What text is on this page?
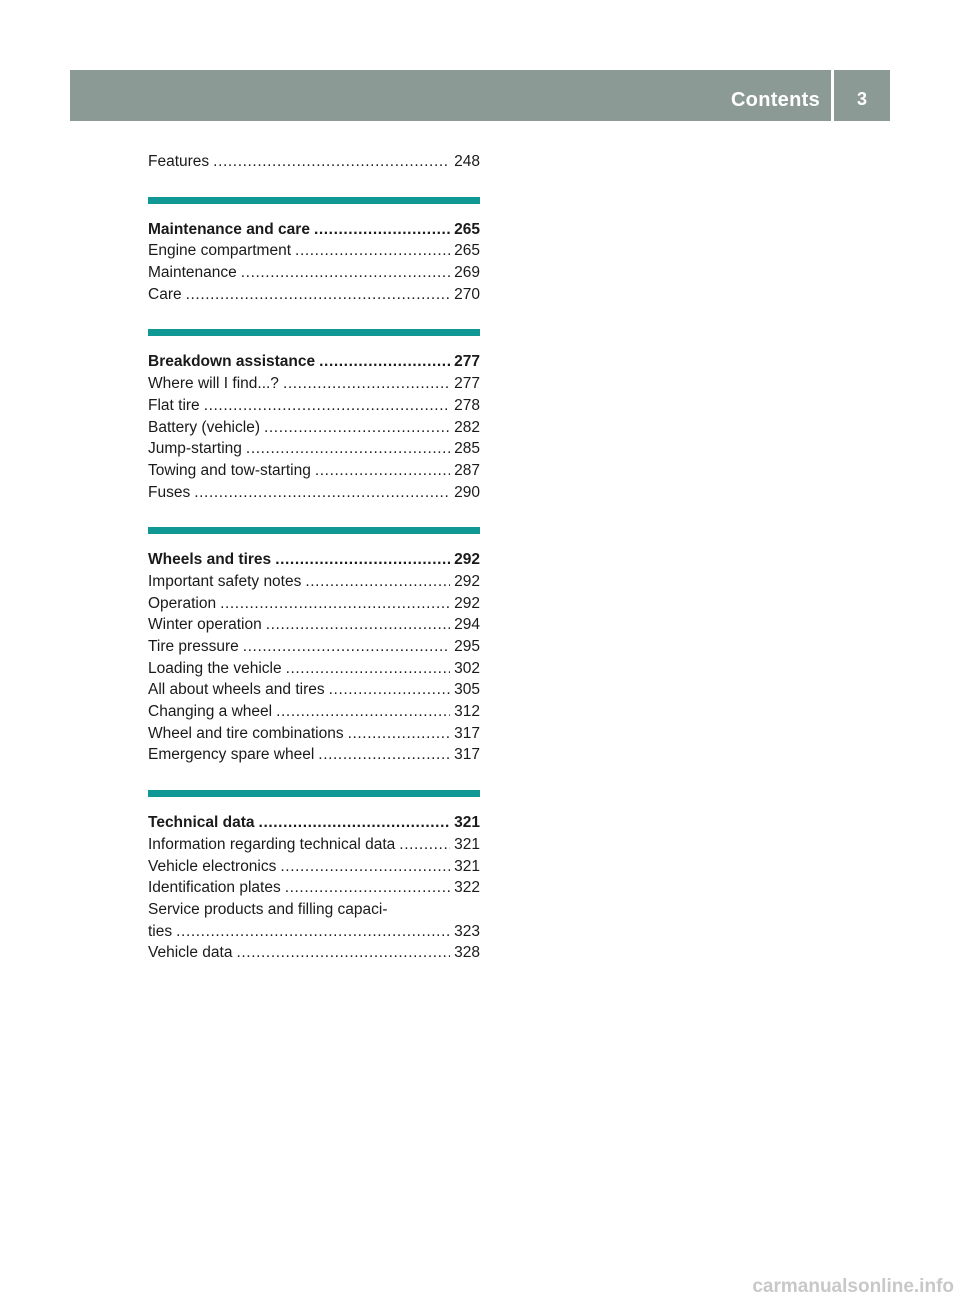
Contents	3
Features .....	248
Maintenance and care .....	265
Engine compartment .....	265
Maintenance .....	269
Care .....	270
Breakdown assistance .....	277
Where will I find...? .....	277
Flat tire .....	278
Battery (vehicle) .....	282
Jump-starting .....	285
Towing and tow-starting .....	287
Fuses .....	290
Wheels and tires .....	292
Important safety notes .....	292
Operation .....	292
Winter operation .....	294
Tire pressure .....	295
Loading the vehicle .....	302
All about wheels and tires .....	305
Changing a wheel .....	312
Wheel and tire combinations .....	317
Emergency spare wheel .....	317
Technical data .....	321
Information regarding technical data .....	321
Vehicle electronics .....	321
Identification plates .....	322
Service products and filling capaci-
ties .....	323
Vehicle data .....	328
carmanualsonline.info
